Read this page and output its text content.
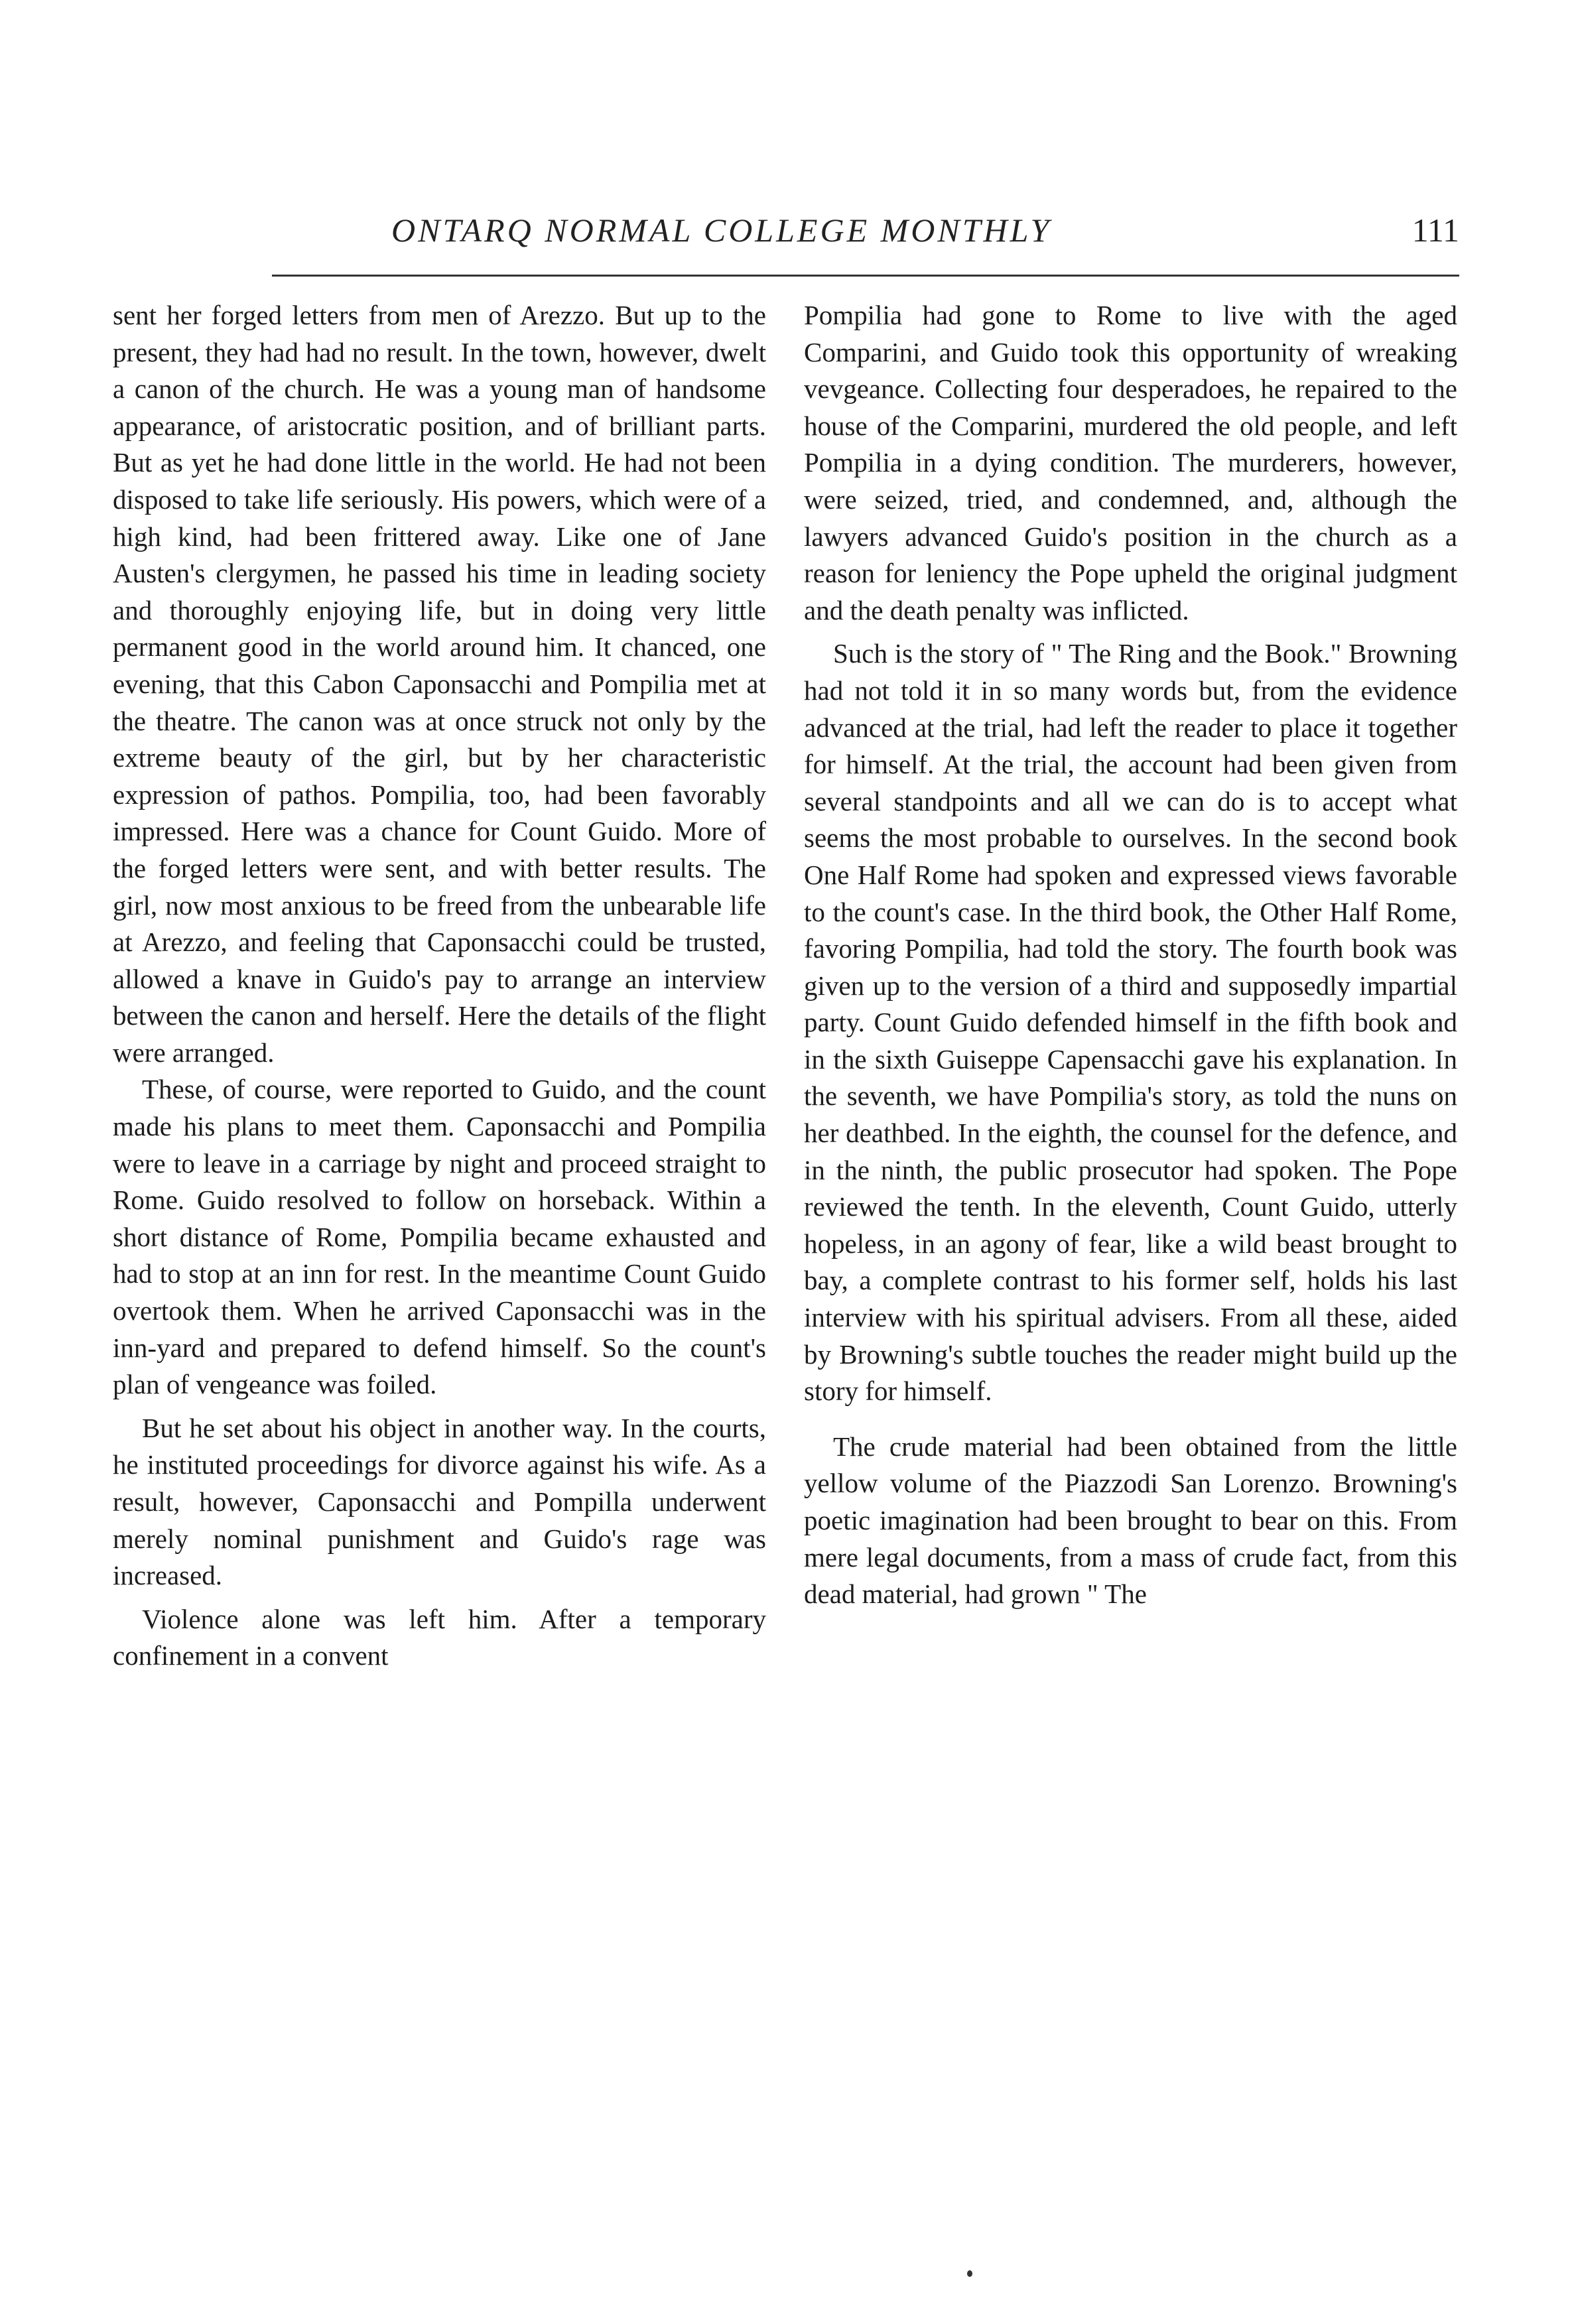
ONTARQ NORMAL COLLEGE MONTHLY	111

sent her forged letters from men of Arezzo. But up to the present, they had had no result. In the town, however, dwelt a canon of the church. He was a young man of handsome appearance, of aristocratic position, and of brilliant parts. But as yet he had done little in the world. He had not been disposed to take life seriously. His powers, which were of a high kind, had been frittered away. Like one of Jane Austen's clergymen, he passed his time in leading society and thoroughly enjoying life, but in doing very little permanent good in the world around him. It chanced, one evening, that this Cabon Caponsacchi and Pompilia met at the theatre. The canon was at once struck not only by the extreme beauty of the girl, but by her characteristic expression of pathos. Pompilia, too, had been favorably impressed. Here was a chance for Count Guido. More of the forged letters were sent, and with better results. The girl, now most anxious to be freed from the unbearable life at Arezzo, and feeling that Caponsacchi could be trusted, allowed a knave in Guido's pay to arrange an interview between the canon and herself. Here the details of the flight were arranged.

These, of course, were reported to Guido, and the count made his plans to meet them. Caponsacchi and Pompilia were to leave in a carriage by night and proceed straight to Rome. Guido resolved to follow on horseback. Within a short distance of Rome, Pompilia became exhausted and had to stop at an inn for rest. In the meantime Count Guido overtook them. When he arrived Caponsacchi was in the inn-yard and prepared to defend himself. So the count's plan of vengeance was foiled.

But he set about his object in another way. In the courts, he instituted proceedings for divorce against his wife. As a result, however, Caponsacchi and Pompilla underwent merely nominal punishment and Guido's rage was increased.

Violence alone was left him. After a temporary confinement in a convent

Pompilia had gone to Rome to live with the aged Comparini, and Guido took this opportunity of wreaking vevgeance. Collecting four desperadoes, he repaired to the house of the Comparini, murdered the old people, and left Pompilia in a dying condition. The murderers, however, were seized, tried, and condemned, and, although the lawyers advanced Guido's position in the church as a reason for leniency the Pope upheld the original judgment and the death penalty was inflicted.

Such is the story of " The Ring and the Book." Browning had not told it in so many words but, from the evidence advanced at the trial, had left the reader to place it together for himself. At the trial, the account had been given from several standpoints and all we can do is to accept what seems the most probable to ourselves. In the second book One Half Rome had spoken and expressed views favorable to the count's case. In the third book, the Other Half Rome, favoring Pompilia, had told the story. The fourth book was given up to the version of a third and supposedly impartial party. Count Guido defended himself in the fifth book and in the sixth Guiseppe Capensacchi gave his explanation. In the seventh, we have Pompilia's story, as told the nuns on her deathbed. In the eighth, the counsel for the defence, and in the ninth, the public prosecutor had spoken. The Pope reviewed the tenth. In the eleventh, Count Guido, utterly hopeless, in an agony of fear, like a wild beast brought to bay, a complete contrast to his former self, holds his last interview with his spiritual advisers. From all these, aided by Browning's subtle touches the reader might build up the story for himself.

The crude material had been obtained from the little yellow volume of the Piazzodi San Lorenzo. Browning's poetic imagination had been brought to bear on this. From mere legal documents, from a mass of crude fact, from this dead material, had grown " The
